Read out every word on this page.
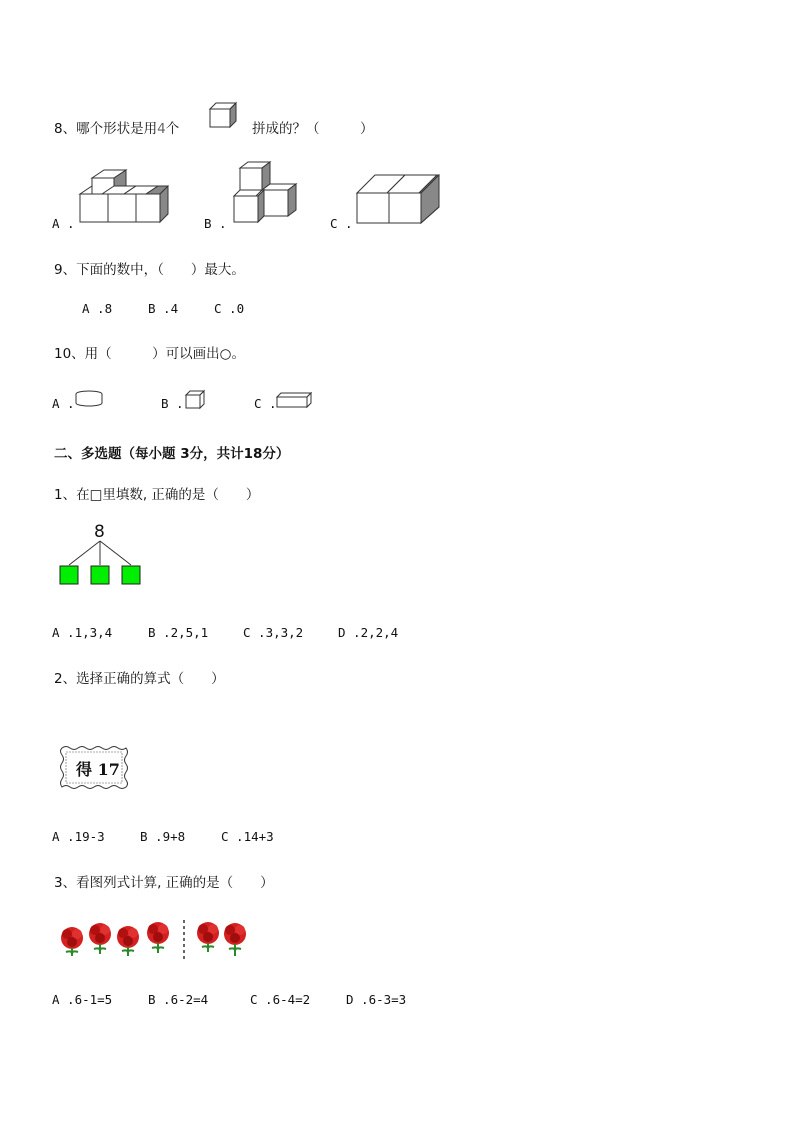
8、哪个形状是用4个	拼成的？（　　　）
A .	B .	C .
9、下面的数中，（　　）最大。
A .8	B .4	C .0
10、用（　　　）可以画出○。
A .	B .	C .
二、多选题（每小题 3分，共计18分）
1、在□里填数, 正确的是（　　）
8
A .1,3,4	B .2,5,1	C .3,3,2	D .2,2,4
2、选择正确的算式（　　）
得 17
A .19-3	B .9+8	C .14+3
3、看图列式计算, 正确的是（　　）
A .6-1=5	B .6-2=4	C .6-4=2	D .6-3=3
